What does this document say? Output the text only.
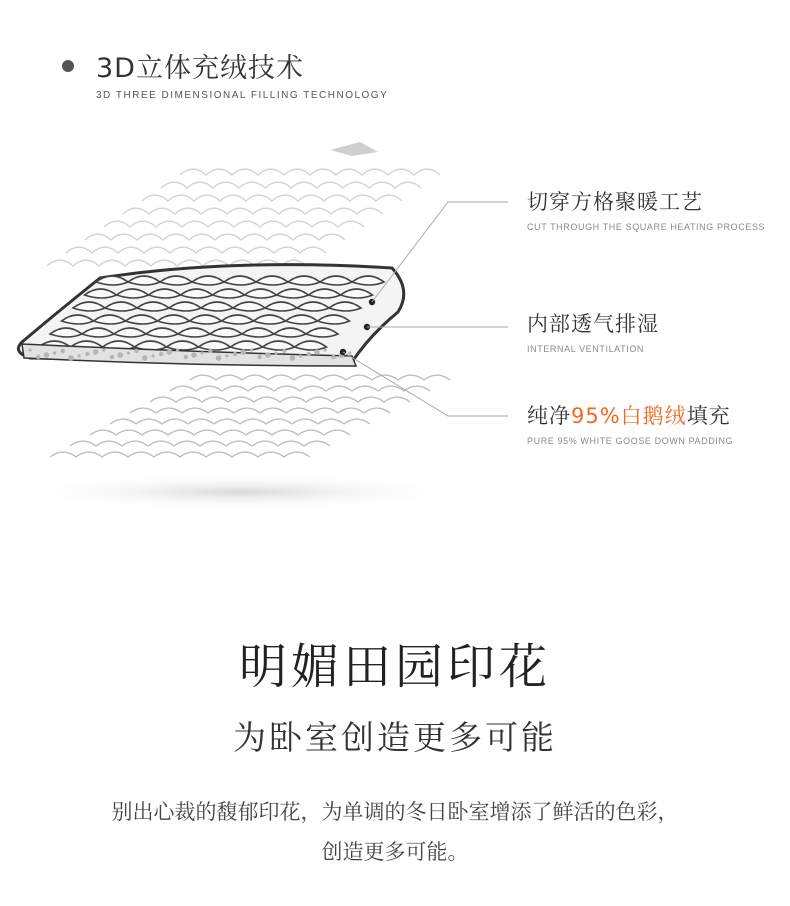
3D立体充绒技术
3D THREE DIMENSIONAL FILLING TECHNOLOGY
切穿方格聚暖工艺
CUT THROUGH THE SQUARE HEATING PROCESS
内部透气排湿
INTERNAL VENTILATION
纯净95%白鹅绒填充
PURE 95% WHITE GOOSE DOWN PADDING
明媚田园印花
为卧室创造更多可能
别出心裁的馥郁印花，为单调的冬日卧室增添了鲜活的色彩，
创造更多可能。
